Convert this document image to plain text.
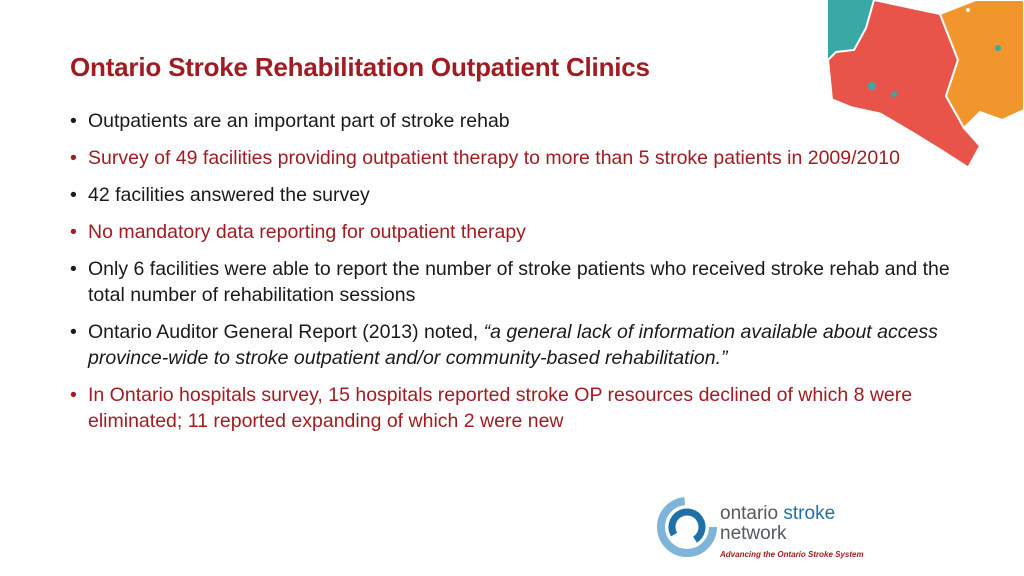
Ontario Stroke Rehabilitation Outpatient Clinics
• Outpatients are an important part of stroke rehab
• Survey of 49 facilities providing outpatient therapy to more than 5 stroke patients in 2009/2010
• 42 facilities answered the survey
• No mandatory data reporting for outpatient therapy
• Only 6 facilities were able to report the number of stroke patients who received stroke rehab and the total number of rehabilitation sessions
• Ontario Auditor General Report (2013) noted, “a general lack of information available about access province-wide to stroke outpatient and/or community-based rehabilitation.”
• In Ontario hospitals survey, 15 hospitals reported stroke OP resources declined of which 8 were eliminated; 11 reported expanding of which 2 were new
ontario stroke
network
Advancing the Ontario Stroke System
